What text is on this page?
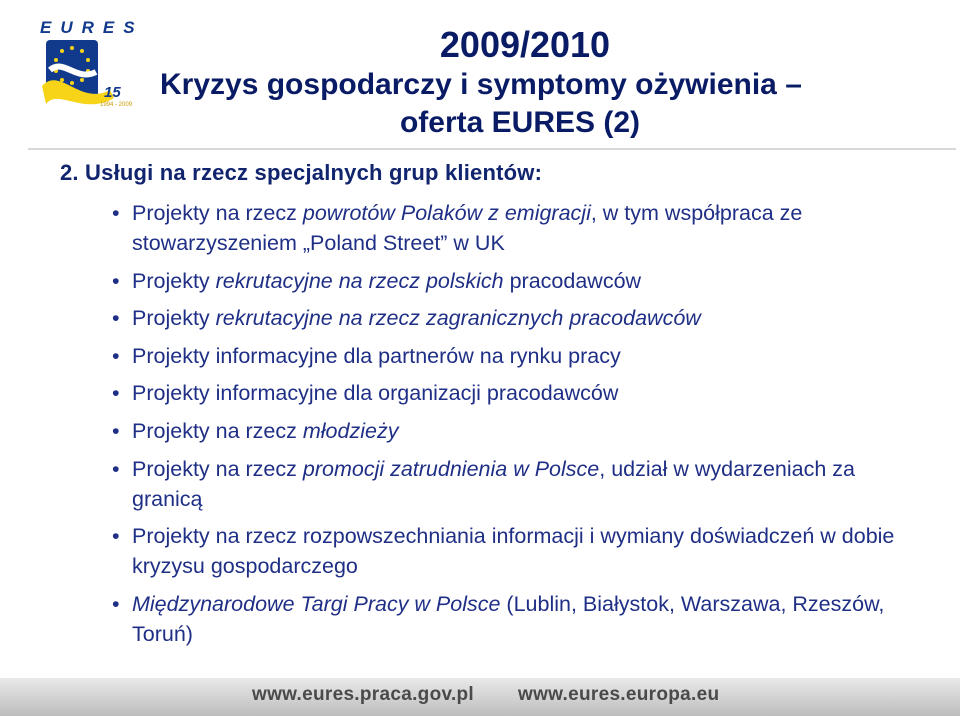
EURES
15
1994 - 2009
2009/2010
Kryzys gospodarczy i symptomy ożywienia –
oferta EURES (2)
2. Usługi na rzecz specjalnych grup klientów:
• Projekty na rzecz powrotów Polaków z emigracji, w tym współpraca ze stowarzyszeniem „Poland Street” w UK
• Projekty rekrutacyjne na rzecz polskich pracodawców
• Projekty rekrutacyjne na rzecz zagranicznych pracodawców
• Projekty informacyjne dla partnerów na rynku pracy
• Projekty informacyjne dla organizacji pracodawców
• Projekty na rzecz młodzieży
• Projekty na rzecz promocji zatrudnienia w Polsce, udział w wydarzeniach za granicą
• Projekty na rzecz rozpowszechniania informacji i wymiany doświadczeń w dobie kryzysu gospodarczego
• Międzynarodowe Targi Pracy w Polsce (Lublin, Białystok, Warszawa, Rzeszów, Toruń)
www.eures.praca.gov.pl www.eures.europa.eu
